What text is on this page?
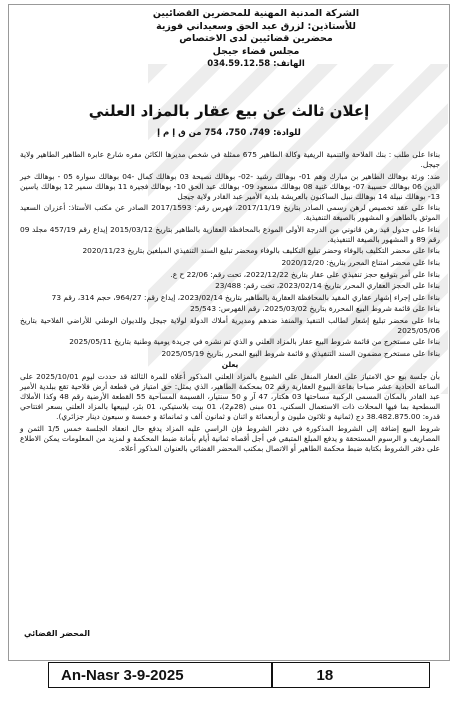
الشركة المدنية المهنية للمحضرين القضائيين
للأستاذين: لزرق عبد الحق وسعيداني فوزية
محضرين قضائيين لدى الاختصاص
مجلس قضاء جيجل
الهاتف: 034.59.12.58
إعلان ثالث عن بيع عقار بالمزاد العلني
للوادة: 749، 750، 754 من ق إ م إ

بناءا على طلب : بنك الفلاحة والتنمية الريفية وكالة الطاهير 675 ممثلة في شخص مديرها الكائن مقره شارع عابرة الطاهير الطاهير ولاية جيجل.

ضد: ورثة بوهالك الطاهير بن مبارك وهم 01- بوهالك رشيد -02- بوهالك نصيحة 03 بوهالك كمال -04 بوهالك سوارة 05 - بوهالك خير الدين 06 بوهالك حسيبة 07- بوهالك غنية 08 بوهالك مسعود 09- بوهالك عبد الحق 10- بوهالك فجيرة 11 بوهالك سمير 12 بوهالك ياسين 13- بوهالك نبيلة 14 بوهالك نبيل الساكنون بالعريشة بلدية الأمير عبد القادر ولاية جيجل

بناءا على عقد تخصيص لرهن رسمي الصادر بتاريخ 2017/11/19، فهرس رقم: 2017/1593 الصادر عن مكتب الأستاذ: أعزران السعيد الموثق بالطاهير و المشهور بالصيغة التنفيذية.

بناءا على جدول قيد رهن قانوني من الدرجة الأولى المودع بالمحافظة العقارية بالطاهير بتاريخ 2015/03/12 إيداع رقم 457/19 مجلد 09 رقم 89 و المشهور بالصيغة التنفيذية.

بناءا على محضر التكليف بالوفاء وحضر تبليغ التكليف بالوفاء ومحضر تبليغ السند التنفيذي المبلغين بتاريخ 2020/11/23

بناءا على محضر امتناع المحرر بتاريخ: 2020/12/20

بناءا على أمر بتوقيع حجز تنفيذي على عقار بتاريخ 2022/12/22، تحت رقم: 22/06 ح ع.

بناءا على الحجز العقاري المحرر بتاريخ 2023/02/14، تحت رقم: 23/488

بناءا على إجراء إشهار عقاري المقيد بالمحافظة العقارية بالطاهير بتاريخ 2023/02/14، إيداع رقم: 964/27، حجم 314، رقم 73

بناءا على قائمة شروط البيع المحررة بتاريخ 2025/03/02، رقم الفهرس: 25/543

بناءا على محضر تبليغ إشعار لطالب التنفيذ والمنفذ ضدهم ومديرية أملاك الدولة لولاية جيجل وللديوان الوطني للأراضي الفلاحية بتاريخ 2025/05/06

بناءا على مستخرج من قائمة شروط البيع عقار بالمزاد العلني و الذي تم نشره في جريدة يومية وطنية بتاريخ 2025/05/11

بناءا على مستخرج مضمون السند التنفيذي و قائمة شروط البيع المحرر بتاريخ 2025/05/19

يعلن

بأن جلسة بيع حق الامتياز على العقار المنقل على الشيوع بالمزاد العلني المذكور أعلاه للمرة الثالثة قد حددت ليوم 2025/10/01 على الساعة الحادية عشر صباحا بقاعة البيوع العقارية رقم 02 بمحكمة الطاهير، الذي يمثل: حق امتياز في قطعة أرض فلاحية تقع ببلدية الأمير عبد القادر بالمكان المسمى الركبية مساحتها 03 هكتار، 47 آر و 50 سنتيار، القسيمة المساحية 55 القطعة الأرضية رقم 48 وكذا الأملاك السطحية بما فيها المحلات ذات الاستعمال السكني، 01 مبنى (28م2)، 01 بيت بلاستيكي، 01 بئر، ليبيعها بالمزاد العلني بسعر افتتاحي قدره: 38.482.875.00 دج (ثمانية و ثلاثون مليون و أربعمائة و اثنان و ثمانون ألف و ثمانمائة و خمسة و سبعون دينار جزائري).

شروط البيع إضافة إلى الشروط المذكورة في دفتر الشروط فإن الراسي عليه المزاد يدفع حال انعقاد الجلسة خمس 1/5 الثمن و المصاريف و الرسوم المستحقة و يدفع المبلغ المتبقي في أجل أقصاه ثمانية أيام بأمانة ضبط المحكمة و لمزيد من المعلومات يمكن الاطلاع على دفتر الشروط بكتابة ضبط محكمة الطاهير أو الاتصال بمكتب المحضر القضائي بالعنوان المذكور أعلاه.

المحضر القضائي
An-Nasr 3-9-2025	18
